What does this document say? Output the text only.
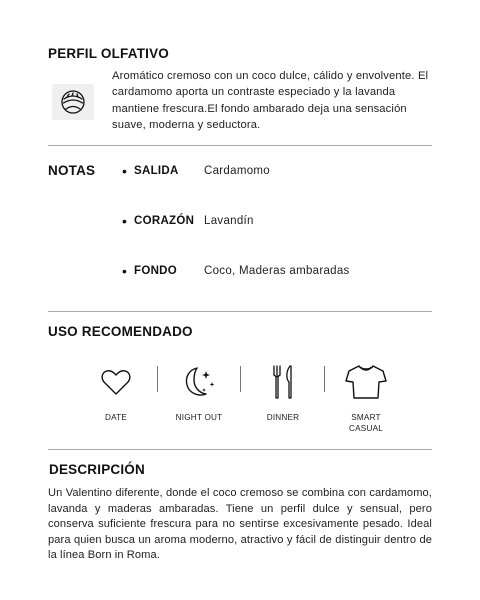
PERFIL OLFATIVO
Aromático cremoso con un coco dulce, cálido y envolvente. El cardamomo aporta un contraste especiado y la lavanda mantiene frescura.El fondo ambarado deja una sensación suave, moderna y seductora.
NOTAS • SALIDA	Cardamomo
• CORAZÓN Lavandín
• FONDO	Coco, Maderas ambaradas
USO RECOMENDADO
DATE	NIGHT OUT	DINNER	SMART
CASUAL
DESCRIPCIÓN
Un Valentino diferente, donde el coco cremoso se combina con cardamomo, lavanda y maderas ambaradas. Tiene un perfil dulce y sensual, pero conserva suficiente frescura para no sentirse excesivamente pesado. Ideal para quien busca un aroma moderno, atractivo y fácil de distinguir dentro de la línea Born in Roma.
